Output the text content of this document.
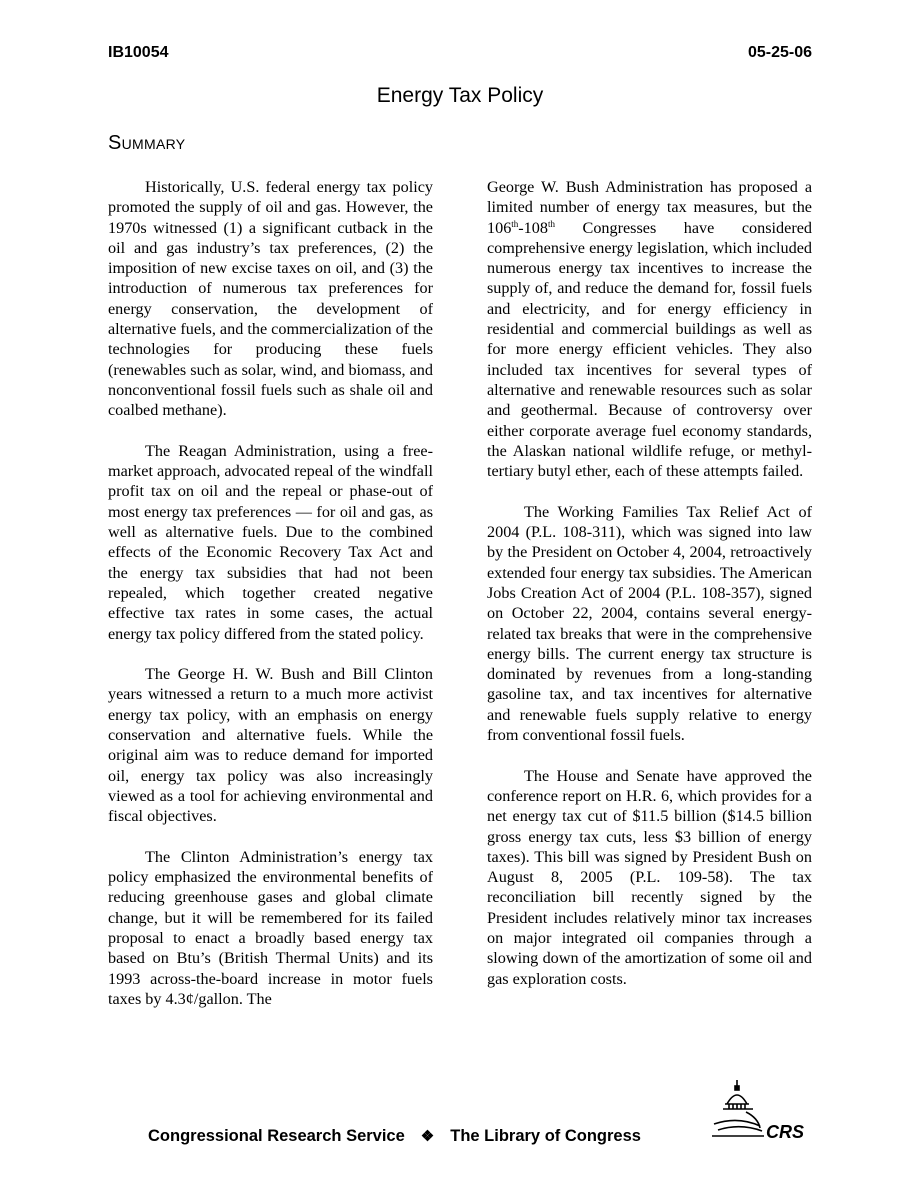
IB10054	05-25-06
Energy Tax Policy
Summary

Historically, U.S. federal energy tax policy promoted the supply of oil and gas. However, the 1970s witnessed (1) a significant cutback in the oil and gas industry’s tax preferences, (2) the imposition of new excise taxes on oil, and (3) the introduction of numerous tax preferences for energy conservation, the development of alternative fuels, and the commercialization of the technologies for producing these fuels (renewables such as solar, wind, and biomass, and nonconventional fossil fuels such as shale oil and coalbed methane).

The Reagan Administration, using a free-market approach, advocated repeal of the windfall profit tax on oil and the repeal or phase-out of most energy tax preferences — for oil and gas, as well as alternative fuels. Due to the combined effects of the Economic Recovery Tax Act and the energy tax subsidies that had not been repealed, which together created negative effective tax rates in some cases, the actual energy tax policy differed from the stated policy.

The George H. W. Bush and Bill Clinton years witnessed a return to a much more activist energy tax policy, with an emphasis on energy conservation and alternative fuels. While the original aim was to reduce demand for imported oil, energy tax policy was also increasingly viewed as a tool for achieving environmental and fiscal objectives.

The Clinton Administration’s energy tax policy emphasized the environmental benefits of reducing greenhouse gases and global climate change, but it will be remembered for its failed proposal to enact a broadly based energy tax based on Btu’s (British Thermal Units) and its 1993 across-the-board increase in motor fuels taxes by 4.3¢/gallon. The

George W. Bush Administration has proposed a limited number of energy tax measures, but the 106th-108th Congresses have considered comprehensive energy legislation, which included numerous energy tax incentives to increase the supply of, and reduce the demand for, fossil fuels and electricity, and for energy efficiency in residential and commercial buildings as well as for more energy efficient vehicles. They also included tax incentives for several types of alternative and renewable resources such as solar and geothermal. Because of controversy over either corporate average fuel economy standards, the Alaskan national wildlife refuge, or methyl-tertiary butyl ether, each of these attempts failed.

The Working Families Tax Relief Act of 2004 (P.L. 108-311), which was signed into law by the President on October 4, 2004, retroactively extended four energy tax subsidies. The American Jobs Creation Act of 2004 (P.L. 108-357), signed on October 22, 2004, contains several energy-related tax breaks that were in the comprehensive energy bills. The current energy tax structure is dominated by revenues from a long-standing gasoline tax, and tax incentives for alternative and renewable fuels supply relative to energy from conventional fossil fuels.

The House and Senate have approved the conference report on H.R. 6, which provides for a net energy tax cut of $11.5 billion ($14.5 billion gross energy tax cuts, less $3 billion of energy taxes). This bill was signed by President Bush on August 8, 2005 (P.L. 109-58). The tax reconciliation bill recently signed by the President includes relatively minor tax increases on major integrated oil companies through a slowing down of the amortization of some oil and gas exploration costs.

Congressional Research Service ❖ The Library of Congress	CRS
